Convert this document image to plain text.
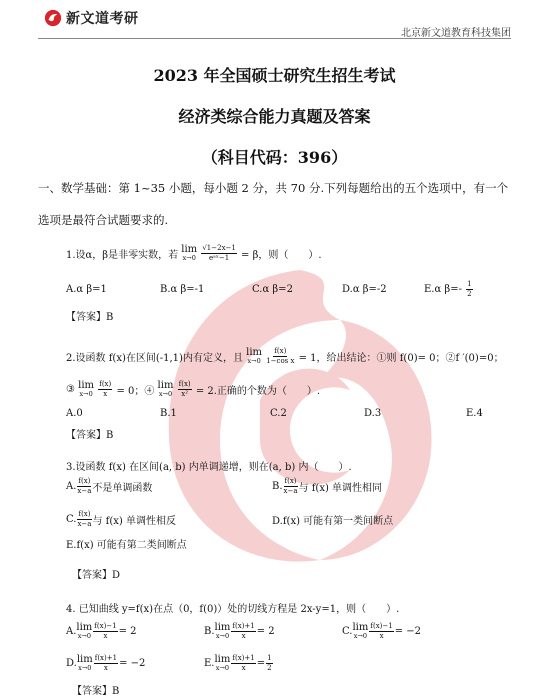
新文道考研
北京新文道教育科技集团
2023 年全国硕士研究生招生考试
经济类综合能力真题及答案
（科目代码：396）
一、数学基础：第 1~35 小题，每小题 2 分，共 70 分.下列每题给出的五个选项中，有一个
选项是最符合试题要求的.
1.设α，β是非零实数，若
lim
x→0
$\frac{√1-2x-1}{\text{eᵃˣ−1}} = \beta$，则（　　）.
A.α β=1	B.α β=-1	C.α β=2	D.α β=-2	E.α $\beta=- \frac{1}{2}$
【答案】B
2.设函数 f(x)在区间(-1,1)内有定义，且
lim
x→0
$\frac{f(x)}{\text{1−cos x}} = 1$，给出结论：①则 f(0)= 0；②f ′(0)=0；
③ lim
x→0
$\frac{f(x)}{x} = 0$；④
lim
x→0
$\frac{f(x)}{\text{x²}} = 2$.正确的个数为（　　）.
A.0	B.1	C.2	D.3	E.4
【答案】B
3.设函数 f(x) 在区间(a, b) 内单调递增，则在(a, b) 内（　　）.
A. $\frac{f(x)}{x-a}$ 不是单调函数	B. $\frac{f(x)}{x-a}$ 与 f(x) 单调性相同
C. $\frac{f(x)}{x-a}$ 与 f(x) 单调性相反	D.f(x) 可能有第一类间断点
E.f(x) 可能有第二类间断点
【答案】D
4. 已知曲线 y=f(x)在点（0，f(0)）处的切线方程是 2x-y=1，则（　　）.
A. lim
$x\to 0 \frac{f(x)-1}{x} = 2$	B. lim
$x\to 0 \frac{f(x)+1}{x} = 2$	C. lim
$x\to 0 \frac{f(x)-1}{x} = -2$
D. lim
$x\to 0 \frac{f(x)+1}{x} = -2$	E. lim
$x\to 0 \frac{f(x)+1}{x} = \frac{1}{2}$
【答案】B
